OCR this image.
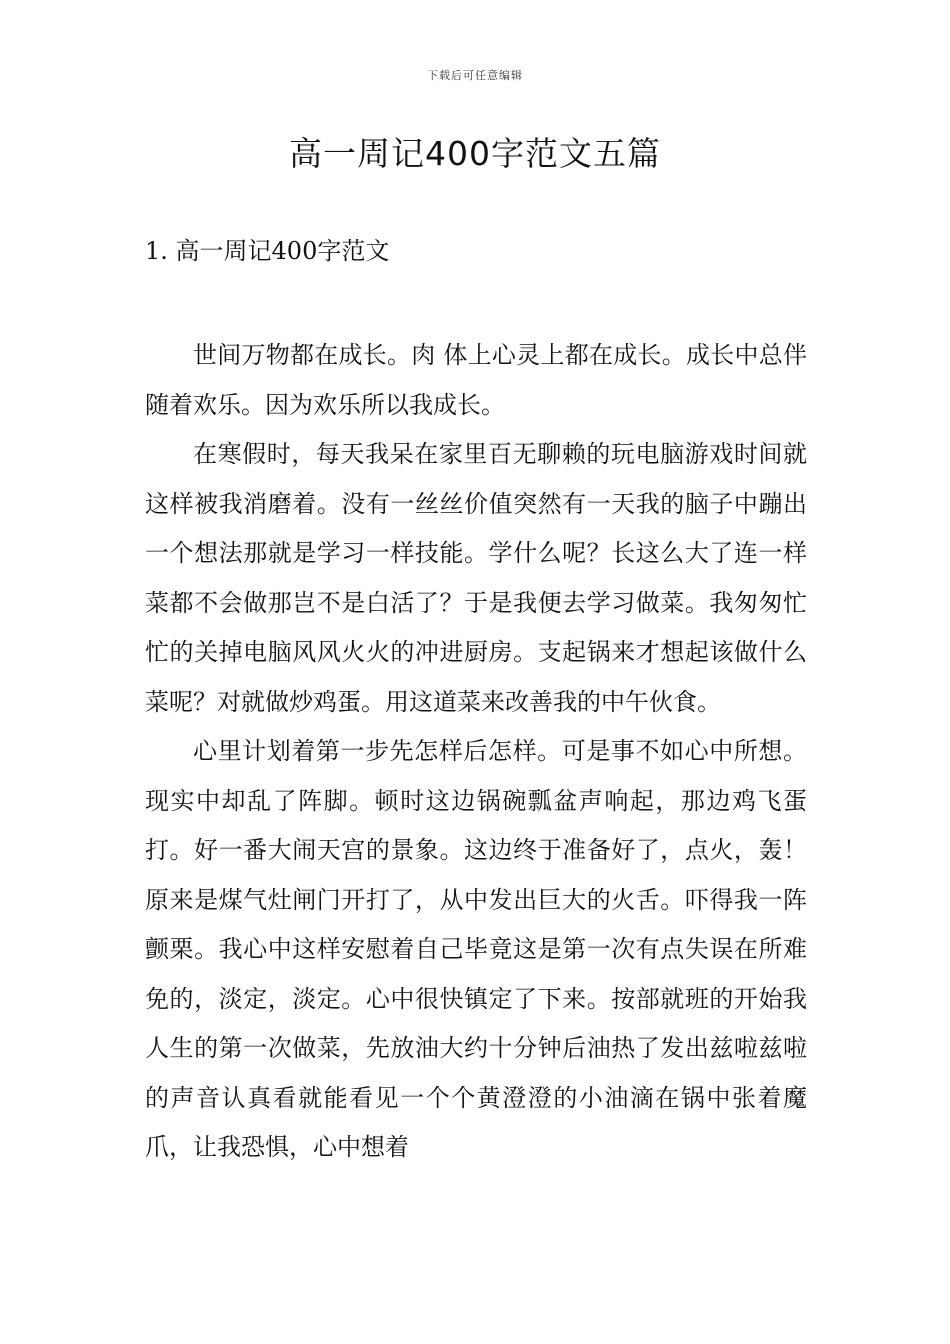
下载后可任意编辑
高一周记400字范文五篇
1. 高一周记400字范文

世间万物都在成长。肉 体上心灵上都在成长。成长中总伴随着欢乐。因为欢乐所以我成长。

在寒假时，每天我呆在家里百无聊赖的玩电脑游戏时间就这样被我消磨着。没有一丝丝价值突然有一天我的脑子中蹦出一个想法那就是学习一样技能。学什么呢？长这么大了连一样菜都不会做那岂不是白活了？于是我便去学习做菜。我匆匆忙忙的关掉电脑风风火火的冲进厨房。支起锅来才想起该做什么菜呢？对就做炒鸡蛋。用这道菜来改善我的中午伙食。

心里计划着第一步先怎样后怎样。可是事不如心中所想。现实中却乱了阵脚。顿时这边锅碗瓢盆声响起，那边鸡飞蛋打。好一番大闹天宫的景象。这边终于准备好了，点火，轰！原来是煤气灶闸门开打了，从中发出巨大的火舌。吓得我一阵颤栗。我心中这样安慰着自己毕竟这是第一次有点失误在所难免的，淡定，淡定。心中很快镇定了下来。按部就班的开始我人生的第一次做菜，先放油大约十分钟后油热了发出兹啦兹啦的声音认真看就能看见一个个黄澄澄的小油滴在锅中张着魔爪，让我恐惧，心中想着
